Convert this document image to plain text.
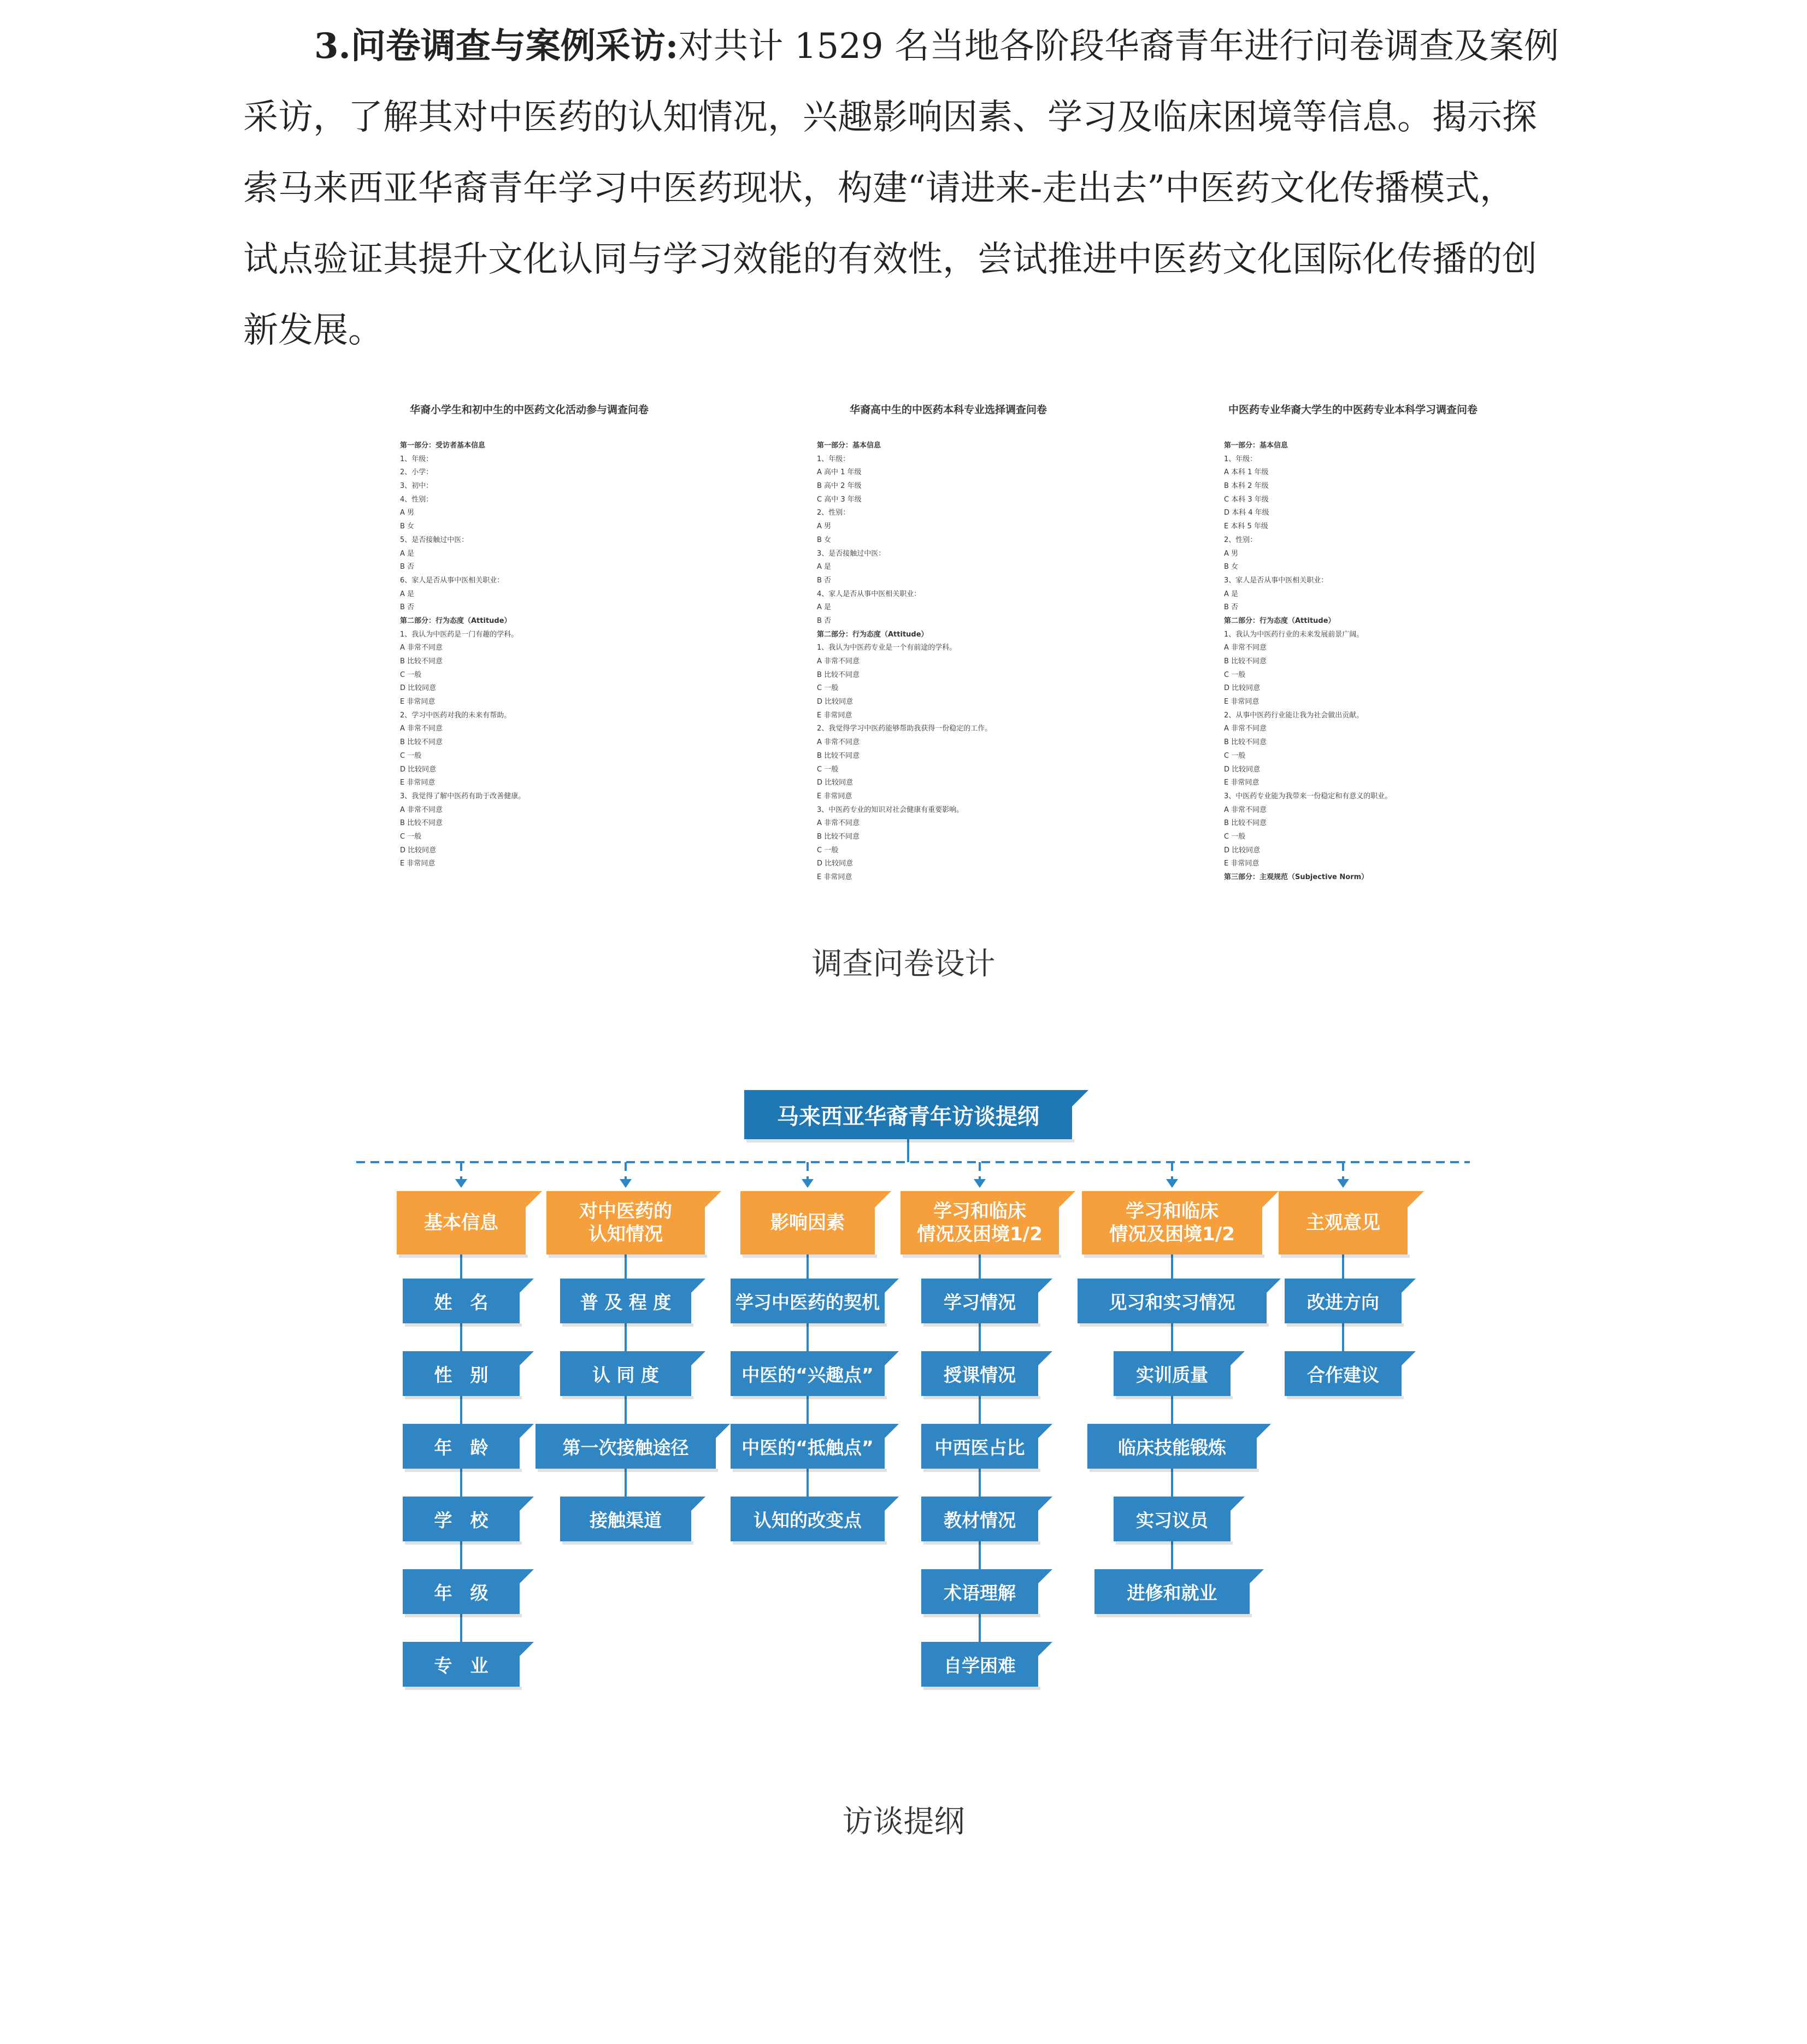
3.问卷调查与案例采访:对共计 1529 名当地各阶段华裔青年进行问卷调查及案例
采访，了解其对中医药的认知情况，兴趣影响因素、学习及临床困境等信息。揭示探
索马来西亚华裔青年学习中医药现状，构建“请进来-走出去”中医药文化传播模式，
试点验证其提升文化认同与学习效能的有效性，尝试推进中医药文化国际化传播的创
新发展。
华裔小学生和初中生的中医药文化活动参与调查问卷
第一部分：受访者基本信息
1、年级：
2、小学：
3、初中：
4、性别：
A 男
B 女
5、是否接触过中医：
A 是
B 否
6、家人是否从事中医相关职业：
A 是
B 否
第二部分：行为态度（Attitude）
1、我认为中医药是一门有趣的学科。
A 非常不同意
B 比较不同意
C 一般
D 比较同意
E 非常同意
2、学习中医药对我的未来有帮助。
A 非常不同意
B 比较不同意
C 一般
D 比较同意
E 非常同意
3、我觉得了解中医药有助于改善健康。
A 非常不同意
B 比较不同意
C 一般
D 比较同意
E 非常同意
华裔高中生的中医药本科专业选择调查问卷
第一部分：基本信息
1、年级：
A 高中 1 年级
B 高中 2 年级
C 高中 3 年级
2、性别：
A 男
B 女
3、是否接触过中医：
A 是
B 否
4、家人是否从事中医相关职业：
A 是
B 否
第二部分：行为态度（Attitude）
1、我认为中医药专业是一个有前途的学科。
A 非常不同意
B 比较不同意
C 一般
D 比较同意
E 非常同意
2、我觉得学习中医药能够帮助我获得一份稳定的工作。
A 非常不同意
B 比较不同意
C 一般
D 比较同意
E 非常同意
3、中医药专业的知识对社会健康有重要影响。
A 非常不同意
B 比较不同意
C 一般
D 比较同意
E 非常同意
中医药专业华裔大学生的中医药专业本科学习调查问卷
第一部分：基本信息
1、年级：
A 本科 1 年级
B 本科 2 年级
C 本科 3 年级
D 本科 4 年级
E 本科 5 年级
2、性别：
A 男
B 女
3、家人是否从事中医相关职业：
A 是
B 否
第二部分：行为态度（Attitude）
1、我认为中医药行业的未来发展前景广阔。
A 非常不同意
B 比较不同意
C 一般
D 比较同意
E 非常同意
2、从事中医药行业能让我为社会做出贡献。
A 非常不同意
B 比较不同意
C 一般
D 比较同意
E 非常同意
3、中医药专业能为我带来一份稳定和有意义的职业。
A 非常不同意
B 比较不同意
C 一般
D 比较同意
E 非常同意
第三部分：主观规范（Subjective Norm）
调查问卷设计
马来西亚华裔青年访谈提纲
基本信息
姓　名
性　别
年　龄
学　校
年　级
专　业
对中医药的
认知情况
普 及 程 度
认 同 度
第一次接触途径
接触渠道
影响因素
学习中医药的契机
中医的“兴趣点”
中医的“抵触点”
认知的改变点
学习和临床
情况及困境1/2
学习情况
授课情况
中西医占比
教材情况
术语理解
自学困难
学习和临床
情况及困境1/2
见习和实习情况
实训质量
临床技能锻炼
实习议员
进修和就业
主观意见
改进方向
合作建议
访谈提纲
